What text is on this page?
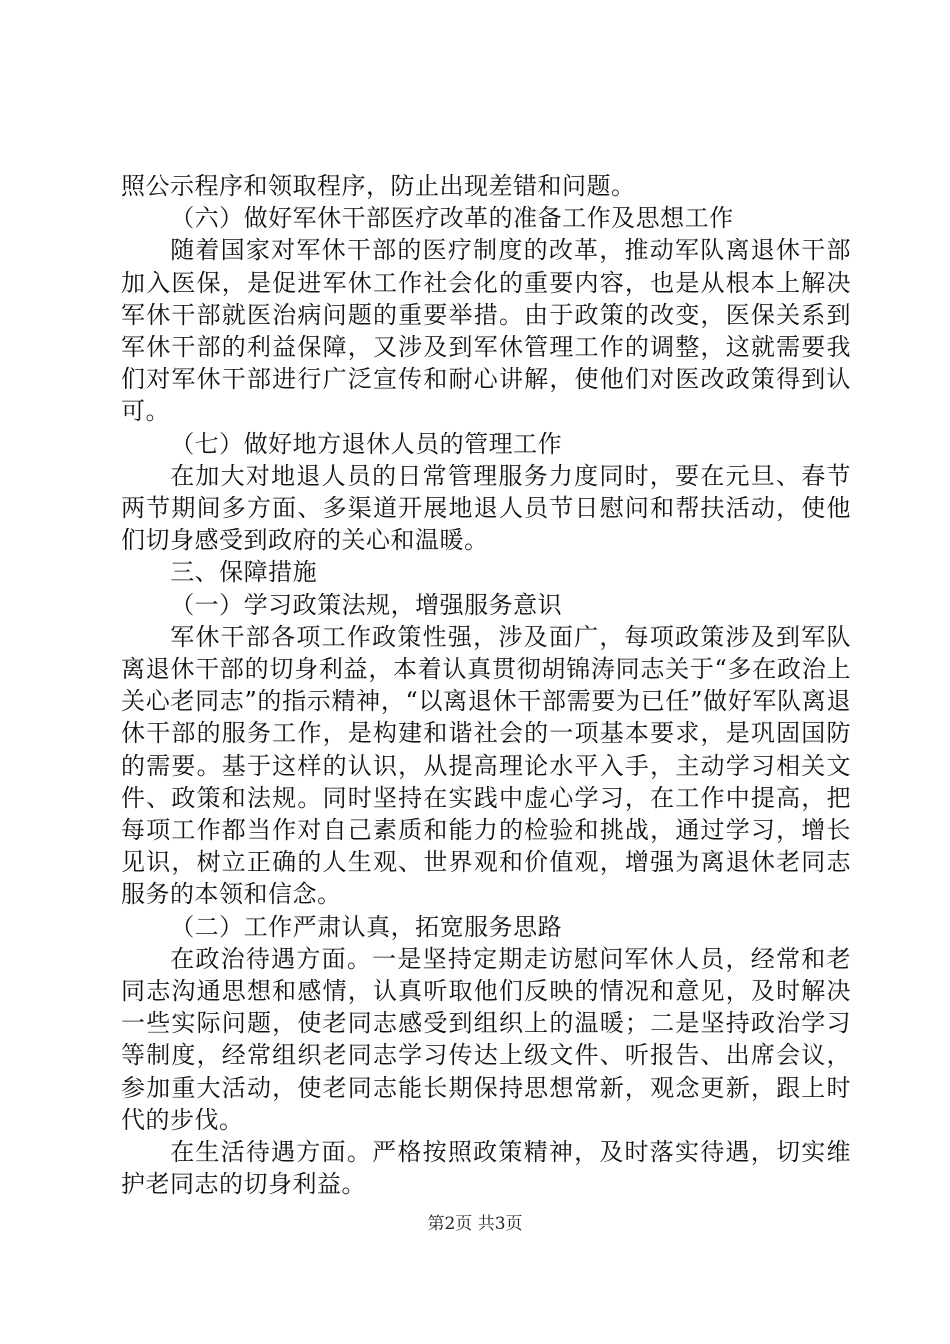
照公示程序和领取程序，防止出现差错和问题。

（六）做好军休干部医疗改革的准备工作及思想工作

随着国家对军休干部的医疗制度的改革，推动军队离退休干部加入医保，是促进军休工作社会化的重要内容，也是从根本上解决军休干部就医治病问题的重要举措。由于政策的改变，医保关系到军休干部的利益保障，又涉及到军休管理工作的调整，这就需要我们对军休干部进行广泛宣传和耐心讲解，使他们对医改政策得到认可。

（七）做好地方退休人员的管理工作

在加大对地退人员的日常管理服务力度同时，要在元旦、春节两节期间多方面、多渠道开展地退人员节日慰问和帮扶活动，使他们切身感受到政府的关心和温暖。

三、保障措施

（一）学习政策法规，增强服务意识

军休干部各项工作政策性强，涉及面广，每项政策涉及到军队离退休干部的切身利益，本着认真贯彻胡锦涛同志关于“多在政治上关心老同志”的指示精神，“以离退休干部需要为已任”做好军队离退休干部的服务工作，是构建和谐社会的一项基本要求，是巩固国防的需要。基于这样的认识，从提高理论水平入手，主动学习相关文件、政策和法规。同时坚持在实践中虚心学习，在工作中提高，把每项工作都当作对自己素质和能力的检验和挑战，通过学习，增长见识，树立正确的人生观、世界观和价值观，增强为离退休老同志服务的本领和信念。

（二）工作严肃认真，拓宽服务思路

在政治待遇方面。一是坚持定期走访慰问军休人员，经常和老同志沟通思想和感情，认真听取他们反映的情况和意见，及时解决一些实际问题，使老同志感受到组织上的温暖；二是坚持政治学习等制度，经常组织老同志学习传达上级文件、听报告、出席会议，参加重大活动，使老同志能长期保持思想常新，观念更新，跟上时代的步伐。

在生活待遇方面。严格按照政策精神，及时落实待遇，切实维护老同志的切身利益。

第2页 共3页
